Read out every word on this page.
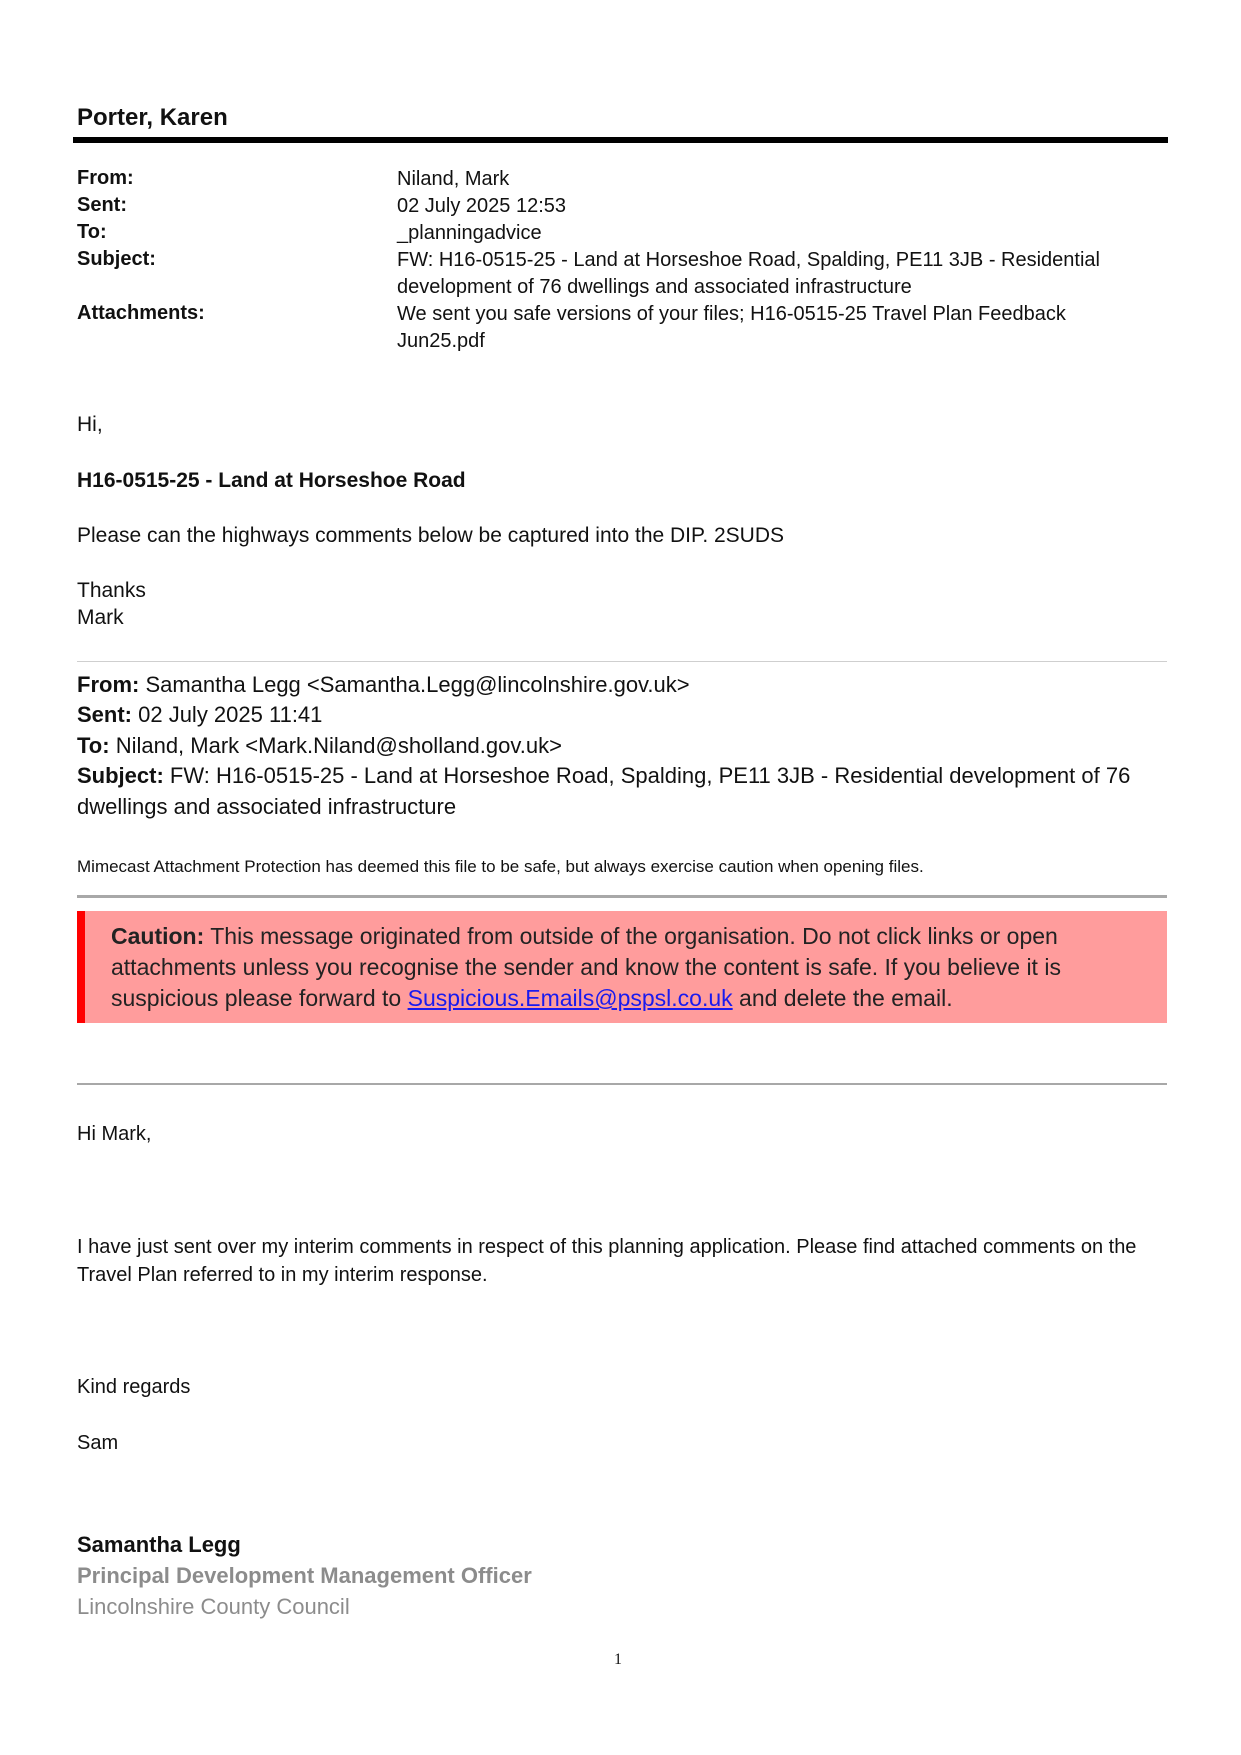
Porter, Karen
From:	Niland, Mark
Sent:	02 July 2025 12:53
To:	_planningadvice
Subject:	FW: H16-0515-25 - Land at Horseshoe Road, Spalding, PE11 3JB - Residential development of 76 dwellings and associated infrastructure
Attachments:	We sent you safe versions of your files; H16-0515-25 Travel Plan Feedback Jun25.pdf
Hi,
H16-0515-25 - Land at Horseshoe Road
Please can the highways comments below be captured into the DIP. 2SUDS
Thanks
Mark
From: Samantha Legg <Samantha.Legg@lincolnshire.gov.uk>
Sent: 02 July 2025 11:41
To: Niland, Mark <Mark.Niland@sholland.gov.uk>
Subject: FW: H16-0515-25 - Land at Horseshoe Road, Spalding, PE11 3JB - Residential development of 76 dwellings and associated infrastructure
Mimecast Attachment Protection has deemed this file to be safe, but always exercise caution when opening files.
Caution: This message originated from outside of the organisation. Do not click links or open attachments unless you recognise the sender and know the content is safe. If you believe it is suspicious please forward to Suspicious.Emails@pspsl.co.uk and delete the email.
Hi Mark,
I have just sent over my interim comments in respect of this planning application. Please find attached comments on the Travel Plan referred to in my interim response.
Kind regards
Sam
Samantha Legg
Principal Development Management Officer
Lincolnshire County Council
1
